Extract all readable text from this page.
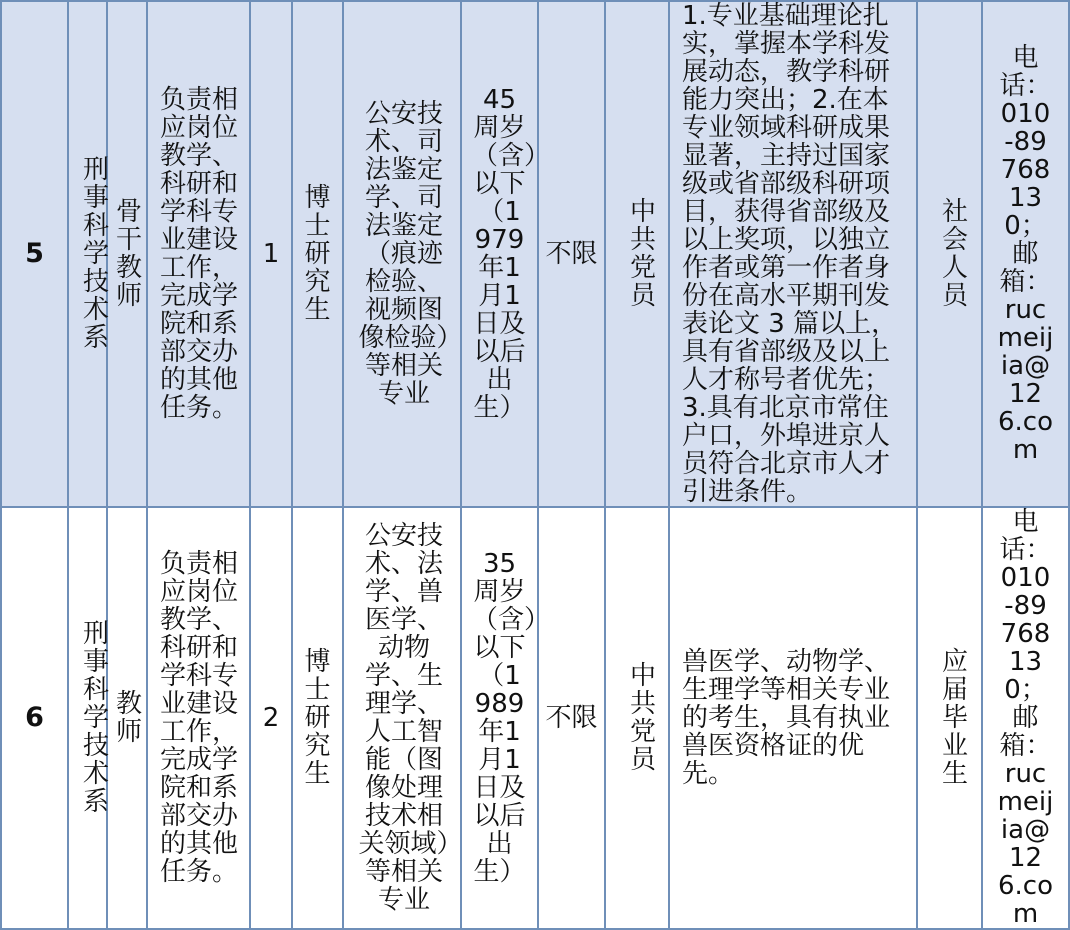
5	刑事科学技术系	骨干教师	负责相应岗位教学、科研和学科专业建设工作，完成学院和系部交办的其他任务。	1	博士研究生	公安技术、司法鉴定学、司法鉴定（痕迹检验、视频图像检验）等相关专业	45周岁（含）以下（1979年1月1日及以后出生）	不限	中共党员	1.专业基础理论扎实，掌握本学科发展动态，教学科研能力突出；2.在本专业领域科研成果显著，主持过国家级或省部级科研项目，获得省部级及以上奖项，以独立作者或第一作者身份在高水平期刊发表论文 3 篇以上，具有省部级及以上人才称号者优先；3.具有北京市常住户口，外埠进京人员符合北京市人才引进条件。	社会人员	电话：010-89768130；邮箱：rucmeijia@126.com
6	刑事科学技术系	教师	负责相应岗位教学、科研和学科专业建设工作，完成学院和系部交办的其他任务。	2	博士研究生	公安技术、法学、兽医学、动物学、生理学、人工智能（图像处理技术相关领域）等相关专业	35周岁（含）以下（1989年1月1日及以后出生）	不限	中共党员	兽医学、动物学、生理学等相关专业的考生，具有执业兽医资格证的优先。	应届毕业生	电话：010-89768130；邮箱：rucmeijia@126.com
